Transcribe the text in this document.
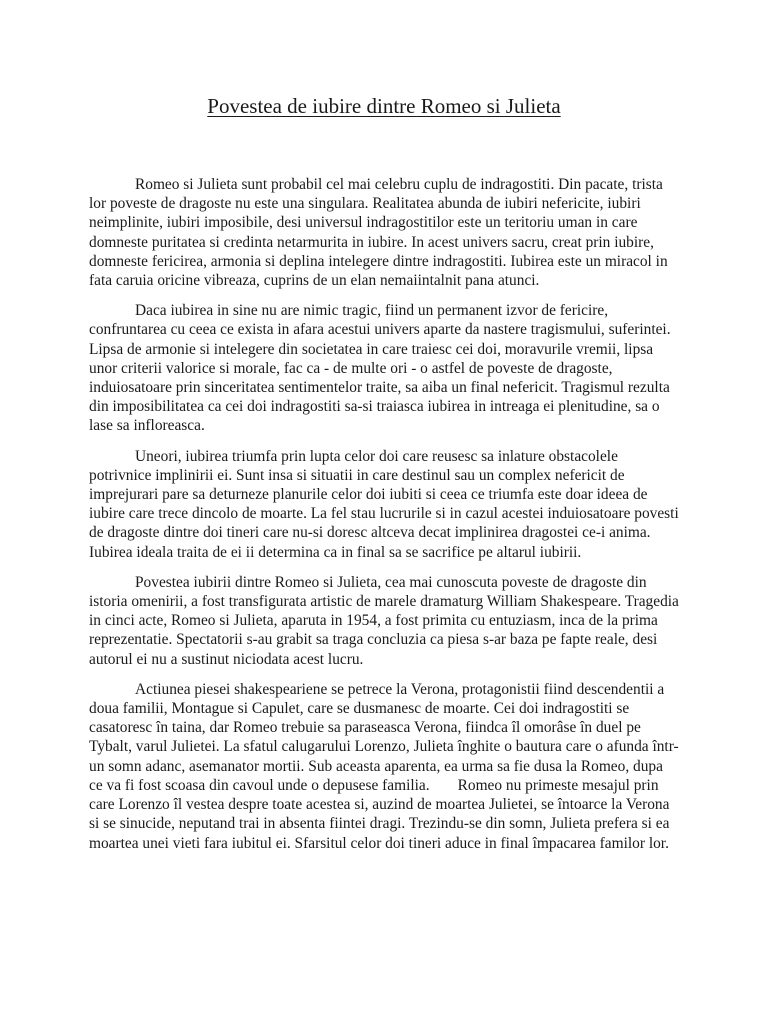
Povestea de iubire dintre Romeo si Julieta

Romeo si Julieta sunt probabil cel mai celebru cuplu de indragostiti. Din pacate, trista lor poveste de dragoste nu este una singulara. Realitatea abunda de iubiri nefericite, iubiri neimplinite, iubiri imposibile, desi universul indragostitilor este un teritoriu uman in care domneste puritatea si credinta netarmurita in iubire. In acest univers sacru, creat prin iubire, domneste fericirea, armonia si deplina intelegere dintre indragostiti. Iubirea este un miracol in fata caruia oricine vibreaza, cuprins de un elan nemaiintalnit pana atunci.

Daca iubirea in sine nu are nimic tragic, fiind un permanent izvor de fericire, confruntarea cu ceea ce exista in afara acestui univers aparte da nastere tragismului, suferintei. Lipsa de armonie si intelegere din societatea in care traiesc cei doi, moravurile vremii, lipsa unor criterii valorice si morale, fac ca - de multe ori - o astfel de poveste de dragoste, induiosatoare prin sinceritatea sentimentelor traite, sa aiba un final nefericit. Tragismul rezulta din imposibilitatea ca cei doi indragostiti sa-si traiasca iubirea in intreaga ei plenitudine, sa o lase sa infloreasca.

Uneori, iubirea triumfa prin lupta celor doi care reusesc sa inlature obstacolele potrivnice implinirii ei. Sunt insa si situatii in care destinul sau un complex nefericit de imprejurari pare sa deturneze planurile celor doi iubiti si ceea ce triumfa este doar ideea de iubire care trece dincolo de moarte. La fel stau lucrurile si in cazul acestei induiosatoare povesti de dragoste dintre doi tineri care nu-si doresc altceva decat implinirea dragostei ce-i anima. Iubirea ideala traita de ei ii determina ca in final sa se sacrifice pe altarul iubirii.

Povestea iubirii dintre Romeo si Julieta, cea mai cunoscuta poveste de dragoste din istoria omenirii, a fost transfigurata artistic de marele dramaturg William Shakespeare. Tragedia in cinci acte, Romeo si Julieta, aparuta in 1954, a fost primita cu entuziasm, inca de la prima reprezentatie. Spectatorii s-au grabit sa traga concluzia ca piesa s-ar baza pe fapte reale, desi autorul ei nu a sustinut niciodata acest lucru.

Actiunea piesei shakespeariene se petrece la Verona, protagonistii fiind descendentii a doua familii, Montague si Capulet, care se dusmanesc de moarte. Cei doi indragostiti se casatoresc în taina, dar Romeo trebuie sa paraseasca Verona, fiindca îl omorâse în duel pe Tybalt, varul Julietei. La sfatul calugarului Lorenzo, Julieta înghite o bautura care o afunda într-un somn adanc, asemanator mortii. Sub aceasta aparenta, ea urma sa fie dusa la Romeo, dupa ce va fi fost scoasa din cavoul unde o depusese familia. Romeo nu primeste mesajul prin care Lorenzo îl vestea despre toate acestea si, auzind de moartea Julietei, se întoarce la Verona si se sinucide, neputand trai in absenta fiintei dragi. Trezindu-se din somn, Julieta prefera si ea moartea unei vieti fara iubitul ei. Sfarsitul celor doi tineri aduce in final împacarea familor lor.
